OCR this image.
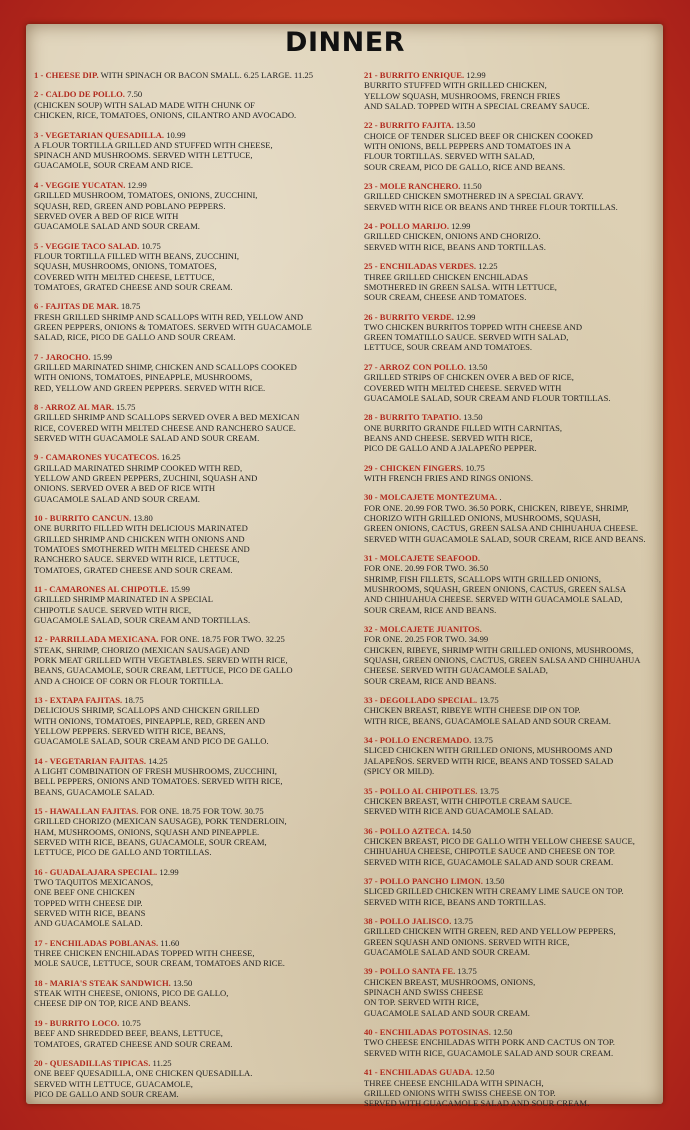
DINNER
1 - CHEESE DIP. WITH SPINACH OR BACON SMALL. 6.25 LARGE. 11.25
2 - CALDO DE POLLO. 7.50
(CHICKEN SOUP) WITH SALAD MADE WITH CHUNK OF
CHICKEN, RICE, TOMATOES, ONIONS, CILANTRO AND AVOCADO.
3 - VEGETARIAN QUESADILLA. 10.99
A FLOUR TORTILLA GRILLED AND STUFFED WITH CHEESE,
SPINACH AND MUSHROOMS. SERVED WITH LETTUCE,
GUACAMOLE, SOUR CREAM AND RICE.
4 - VEGGIE YUCATAN. 12.99
GRILLED MUSHROOM, TOMATOES, ONIONS, ZUCCHINI,
SQUASH, RED, GREEN AND POBLANO PEPPERS.
SERVED OVER A BED OF RICE WITH
GUACAMOLE SALAD AND SOUR CREAM.
5 - VEGGIE TACO SALAD. 10.75
FLOUR TORTILLA FILLED WITH BEANS, ZUCCHINI,
SQUASH, MUSHROOMS, ONIONS, TOMATOES,
COVERED WITH MELTED CHEESE, LETTUCE,
TOMATOES, GRATED CHEESE AND SOUR CREAM.
6 - FAJITAS DE MAR. 18.75
FRESH GRILLED SHRIMP AND SCALLOPS WITH RED, YELLOW AND
GREEN PEPPERS, ONIONS & TOMATOES. SERVED WITH GUACAMOLE
SALAD, RICE, PICO DE GALLO AND SOUR CREAM.
7 - JAROCHO. 15.99
GRILLED MARINATED SHIMP, CHICKEN AND SCALLOPS COOKED
WITH ONIONS, TOMATOES, PINEAPPLE, MUSHROOMS,
RED, YELLOW AND GREEN PEPPERS. SERVED WITH RICE.
8 - ARROZ AL MAR. 15.75
GRILLED SHRIMP AND SCALLOPS SERVED OVER A BED MEXICAN
RICE, COVERED WITH MELTED CHEESE AND RANCHERO SAUCE.
SERVED WITH GUACAMOLE SALAD AND SOUR CREAM.
9 - CAMARONES YUCATECOS. 16.25
GRILLAD MARINATED SHRIMP COOKED WITH RED,
YELLOW AND GREEN PEPPERS, ZUCHINI, SQUASH AND
ONIONS. SERVED OVER A BED OF RICE WITH
GUACAMOLE SALAD AND SOUR CREAM.
10 - BURRITO CANCUN. 13.80
ONE BURRITO FILLED WITH DELICIOUS MARINATED
GRILLED SHRIMP AND CHICKEN WITH ONIONS AND
TOMATOES SMOTHERED WITH MELTED CHEESE AND
RANCHERO SAUCE. SERVED WITH RICE, LETTUCE,
TOMATOES, GRATED CHEESE AND SOUR CREAM.
11 - CAMARONES AL CHIPOTLE. 15.99
GRILLED SHRIMP MARINATED IN A SPECIAL
CHIPOTLE SAUCE. SERVED WITH RICE,
GUACAMOLE SALAD, SOUR CREAM AND TORTILLAS.
12 - PARRILLADA MEXICANA. FOR ONE. 18.75 FOR TWO. 32.25
STEAK, SHRIMP, CHORIZO (MEXICAN SAUSAGE) AND
PORK MEAT GRILLED WITH VEGETABLES. SERVED WITH RICE,
BEANS, GUACAMOLE, SOUR CREAM, LETTUCE, PICO DE GALLO
AND A CHOICE OF CORN OR FLOUR TORTILLA.
13 - EXTAPA FAJITAS. 18.75
DELICIOUS SHRIMP, SCALLOPS AND CHICKEN GRILLED
WITH ONIONS, TOMATOES, PINEAPPLE, RED, GREEN AND
YELLOW PEPPERS. SERVED WITH RICE, BEANS,
GUACAMOLE SALAD, SOUR CREAM AND PICO DE GALLO.
14 - VEGETARIAN FAJITAS. 14.25
A LIGHT COMBINATION OF FRESH MUSHROOMS, ZUCCHINI,
BELL PEPPERS, ONIONS AND TOMATOES. SERVED WITH RICE,
BEANS, GUACAMOLE SALAD.
15 - HAWALLAN FAJITAS. FOR ONE. 18.75 FOR TOW. 30.75
GRILLED CHORIZO (MEXICAN SAUSAGE), PORK TENDERLOIN,
HAM, MUSHROOMS, ONIONS, SQUASH AND PINEAPPLE.
SERVED WITH RICE, BEANS, GUACAMOLE, SOUR CREAM,
LETTUCE, PICO DE GALLO AND TORTILLAS.
16 - GUADALAJARA SPECIAL. 12.99
TWO TAQUITOS MEXICANOS,
ONE BEEF ONE CHICKEN
TOPPED WITH CHEESE DIP.
SERVED WITH RICE, BEANS
AND GUACAMOLE SALAD.
17 - ENCHILADAS POBLANAS. 11.60
THREE CHICKEN ENCHILADAS TOPPED WITH CHEESE,
MOLE SAUCE, LETTUCE, SOUR CREAM, TOMATOES AND RICE.
18 - MARIA'S STEAK SANDWICH. 13.50
STEAK WITH CHEESE, ONIONS, PICO DE GALLO,
CHEESE DIP ON TOP, RICE AND BEANS.
19 - BURRITO LOCO. 10.75
BEEF AND SHREDDED BEEF, BEANS, LETTUCE,
TOMATOES, GRATED CHEESE AND SOUR CREAM.
20 - QUESADILLAS TIPICAS. 11.25
ONE BEEF QUESADILLA, ONE CHICKEN QUESADILLA.
SERVED WITH LETTUCE, GUACAMOLE,
PICO DE GALLO AND SOUR CREAM.
21 - BURRITO ENRIQUE. 12.99
BURRITO STUFFED WITH GRILLED CHICKEN,
YELLOW SQUASH, MUSHROOMS, FRENCH FRIES
AND SALAD. TOPPED WITH A SPECIAL CREAMY SAUCE.
22 - BURRITO FAJITA. 13.50
CHOICE OF TENDER SLICED BEEF OR CHICKEN COOKED
WITH ONIONS, BELL PEPPERS AND TOMATOES IN A
FLOUR TORTILLAS. SERVED WITH SALAD,
SOUR CREAM, PICO DE GALLO, RICE AND BEANS.
23 - MOLE RANCHERO. 11.50
GRILLED CHICKEN SMOTHERED IN A SPECIAL GRAVY.
SERVED WITH RICE OR BEANS AND THREE FLOUR TORTILLAS.
24 - POLLO MARIJO. 12.99
GRILLED CHICKEN, ONIONS AND CHORIZO.
SERVED WITH RICE, BEANS AND TORTILLAS.
25 - ENCHILADAS VERDES. 12.25
THREE GRILLED CHICKEN ENCHILADAS
SMOTHERED IN GREEN SALSA. WITH LETTUCE,
SOUR CREAM, CHEESE AND TOMATOES.
26 - BURRITO VERDE. 12.99
TWO CHICKEN BURRITOS TOPPED WITH CHEESE AND
GREEN TOMATILLO SAUCE. SERVED WITH SALAD,
LETTUCE, SOUR CREAM AND TOMATOES.
27 - ARROZ CON POLLO. 13.50
GRILLED STRIPS OF CHICKEN OVER A BED OF RICE,
COVERED WITH MELTED CHEESE. SERVED WITH
GUACAMOLE SALAD, SOUR CREAM AND FLOUR TORTILLAS.
28 - BURRITO TAPATIO. 13.50
ONE BURRITO GRANDE FILLED WITH CARNITAS,
BEANS AND CHEESE. SERVED WITH RICE,
PICO DE GALLO AND A JALAPEÑO PEPPER.
29 - CHICKEN FINGERS. 10.75
WITH FRENCH FRIES AND RINGS ONIONS.
30 - MOLCAJETE MONTEZUMA. .
FOR ONE. 20.99 FOR TWO. 36.50 PORK, CHICKEN, RIBEYE, SHRIMP,
CHORIZO WITH GRILLED ONIONS, MUSHROOMS, SQUASH,
GREEN ONIONS, CACTUS, GREEN SALSA AND CHIHUAHUA CHEESE.
SERVED WITH GUACAMOLE SALAD, SOUR CREAM, RICE AND BEANS.
31 - MOLCAJETE SEAFOOD.
FOR ONE. 20.99 FOR TWO. 36.50
SHRIMP, FISH FILLETS, SCALLOPS WITH GRILLED ONIONS,
MUSHROOMS, SQUASH, GREEN ONIONS, CACTUS, GREEN SALSA
AND CHIHUAHUA CHEESE. SERVED WITH GUACAMOLE SALAD,
SOUR CREAM, RICE AND BEANS.
32 - MOLCAJETE JUANITOS.
FOR ONE. 20.25 FOR TWO. 34.99
CHICKEN, RIBEYE, SHRIMP WITH GRILLED ONIONS, MUSHROOMS,
SQUASH, GREEN ONIONS, CACTUS, GREEN SALSA AND CHIHUAHUA
CHEESE. SERVED WITH GUACAMOLE SALAD,
SOUR CREAM, RICE AND BEANS.
33 - DEGOLLADO SPECIAL. 13.75
CHICKEN BREAST, RIBEYE WITH CHEESE DIP ON TOP.
WITH RICE, BEANS, GUACAMOLE SALAD AND SOUR CREAM.
34 - POLLO ENCREMADO. 13.75
SLICED CHICKEN WITH GRILLED ONIONS, MUSHROOMS AND
JALAPEÑOS. SERVED WITH RICE, BEANS AND TOSSED SALAD
(SPICY OR MILD).
35 - POLLO AL CHIPOTLES. 13.75
CHICKEN BREAST, WITH CHIPOTLE CREAM SAUCE.
SERVED WITH RICE AND GUACAMOLE SALAD.
36 - POLLO AZTECA. 14.50
CHICKEN BREAST, PICO DE GALLO WITH YELLOW CHEESE SAUCE,
CHIHUAHUA CHEESE, CHIPOTLE SAUCE AND CHEESE ON TOP.
SERVED WITH RICE, GUACAMOLE SALAD AND SOUR CREAM.
37 - POLLO PANCHO LIMON. 13.50
SLICED GRILLED CHICKEN WITH CREAMY LIME SAUCE ON TOP.
SERVED WITH RICE, BEANS AND TORTILLAS.
38 - POLLO JALISCO. 13.75
GRILLED CHICKEN WITH GREEN, RED AND YELLOW PEPPERS,
GREEN SQUASH AND ONIONS. SERVED WITH RICE,
GUACAMOLE SALAD AND SOUR CREAM.
39 - POLLO SANTA FE. 13.75
CHICKEN BREAST, MUSHROOMS, ONIONS,
SPINACH AND SWISS CHEESE
ON TOP. SERVED WITH RICE,
GUACAMOLE SALAD AND SOUR CREAM.
40 - ENCHILADAS POTOSINAS. 12.50
TWO CHEESE ENCHILADAS WITH PORK AND CACTUS ON TOP.
SERVED WITH RICE, GUACAMOLE SALAD AND SOUR CREAM.
41 - ENCHILADAS GUADA. 12.50
THREE CHEESE ENCHILADA WITH SPINACH,
GRILLED ONIONS WITH SWISS CHEESE ON TOP.
SERVED WITH GUACAMOLE SALAD AND SOUR CREAM.
